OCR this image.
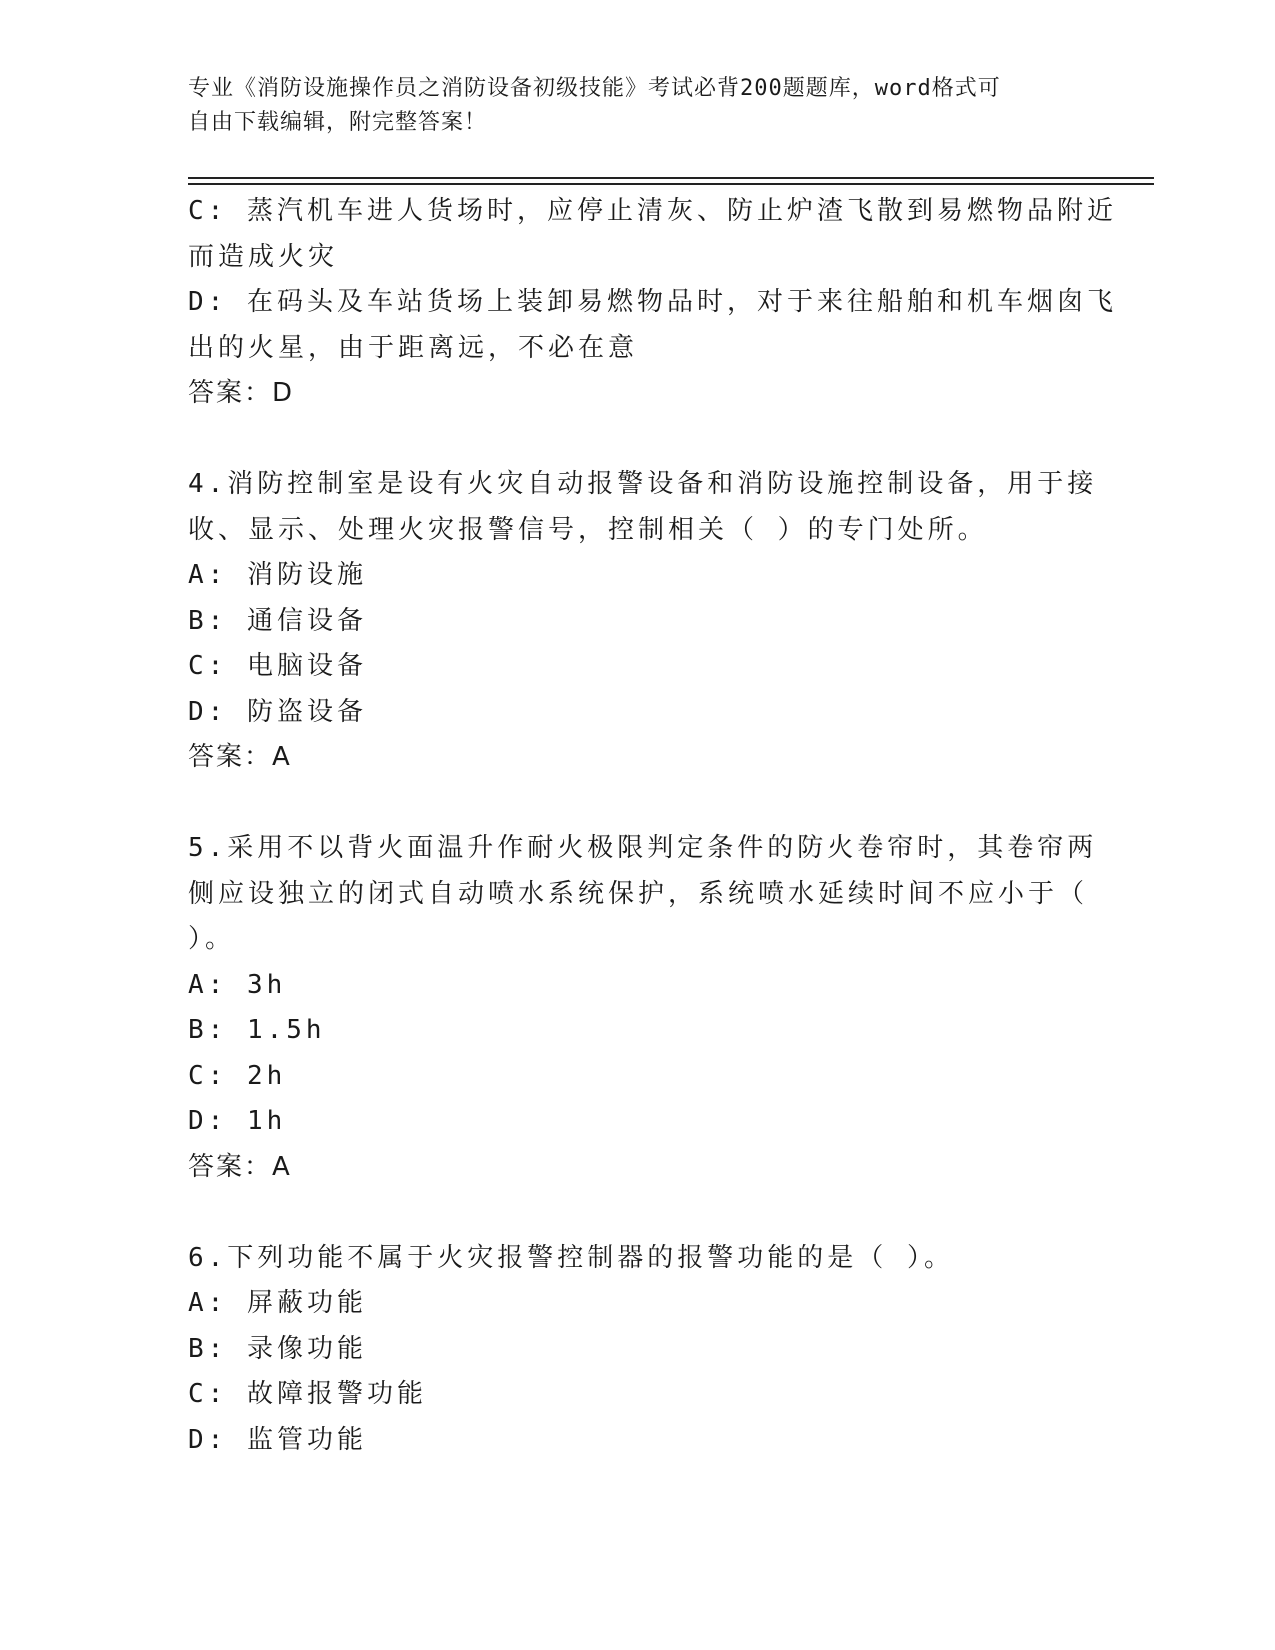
专业《消防设施操作员之消防设备初级技能》考试必背200题题库，word格式可
自由下载编辑，附完整答案！
C: 蒸汽机车进人货场时，应停止清灰、防止炉渣飞散到易燃物品附近
而造成火灾
D: 在码头及车站货场上装卸易燃物品时，对于来往船舶和机车烟囱飞
出的火星，由于距离远，不必在意
答案：D
4.消防控制室是设有火灾自动报警设备和消防设施控制设备，用于接
收、显示、处理火灾报警信号，控制相关（ ）的专门处所。
A: 消防设施
B: 通信设备
C: 电脑设备
D: 防盗设备
答案：A
5.采用不以背火面温升作耐火极限判定条件的防火卷帘时，其卷帘两
侧应设独立的闭式自动喷水系统保护，系统喷水延续时间不应小于（
）。
A: 3h
B: 1.5h
C: 2h
D: 1h
答案：A
6.下列功能不属于火灾报警控制器的报警功能的是（ ）。
A: 屏蔽功能
B: 录像功能
C: 故障报警功能
D: 监管功能
